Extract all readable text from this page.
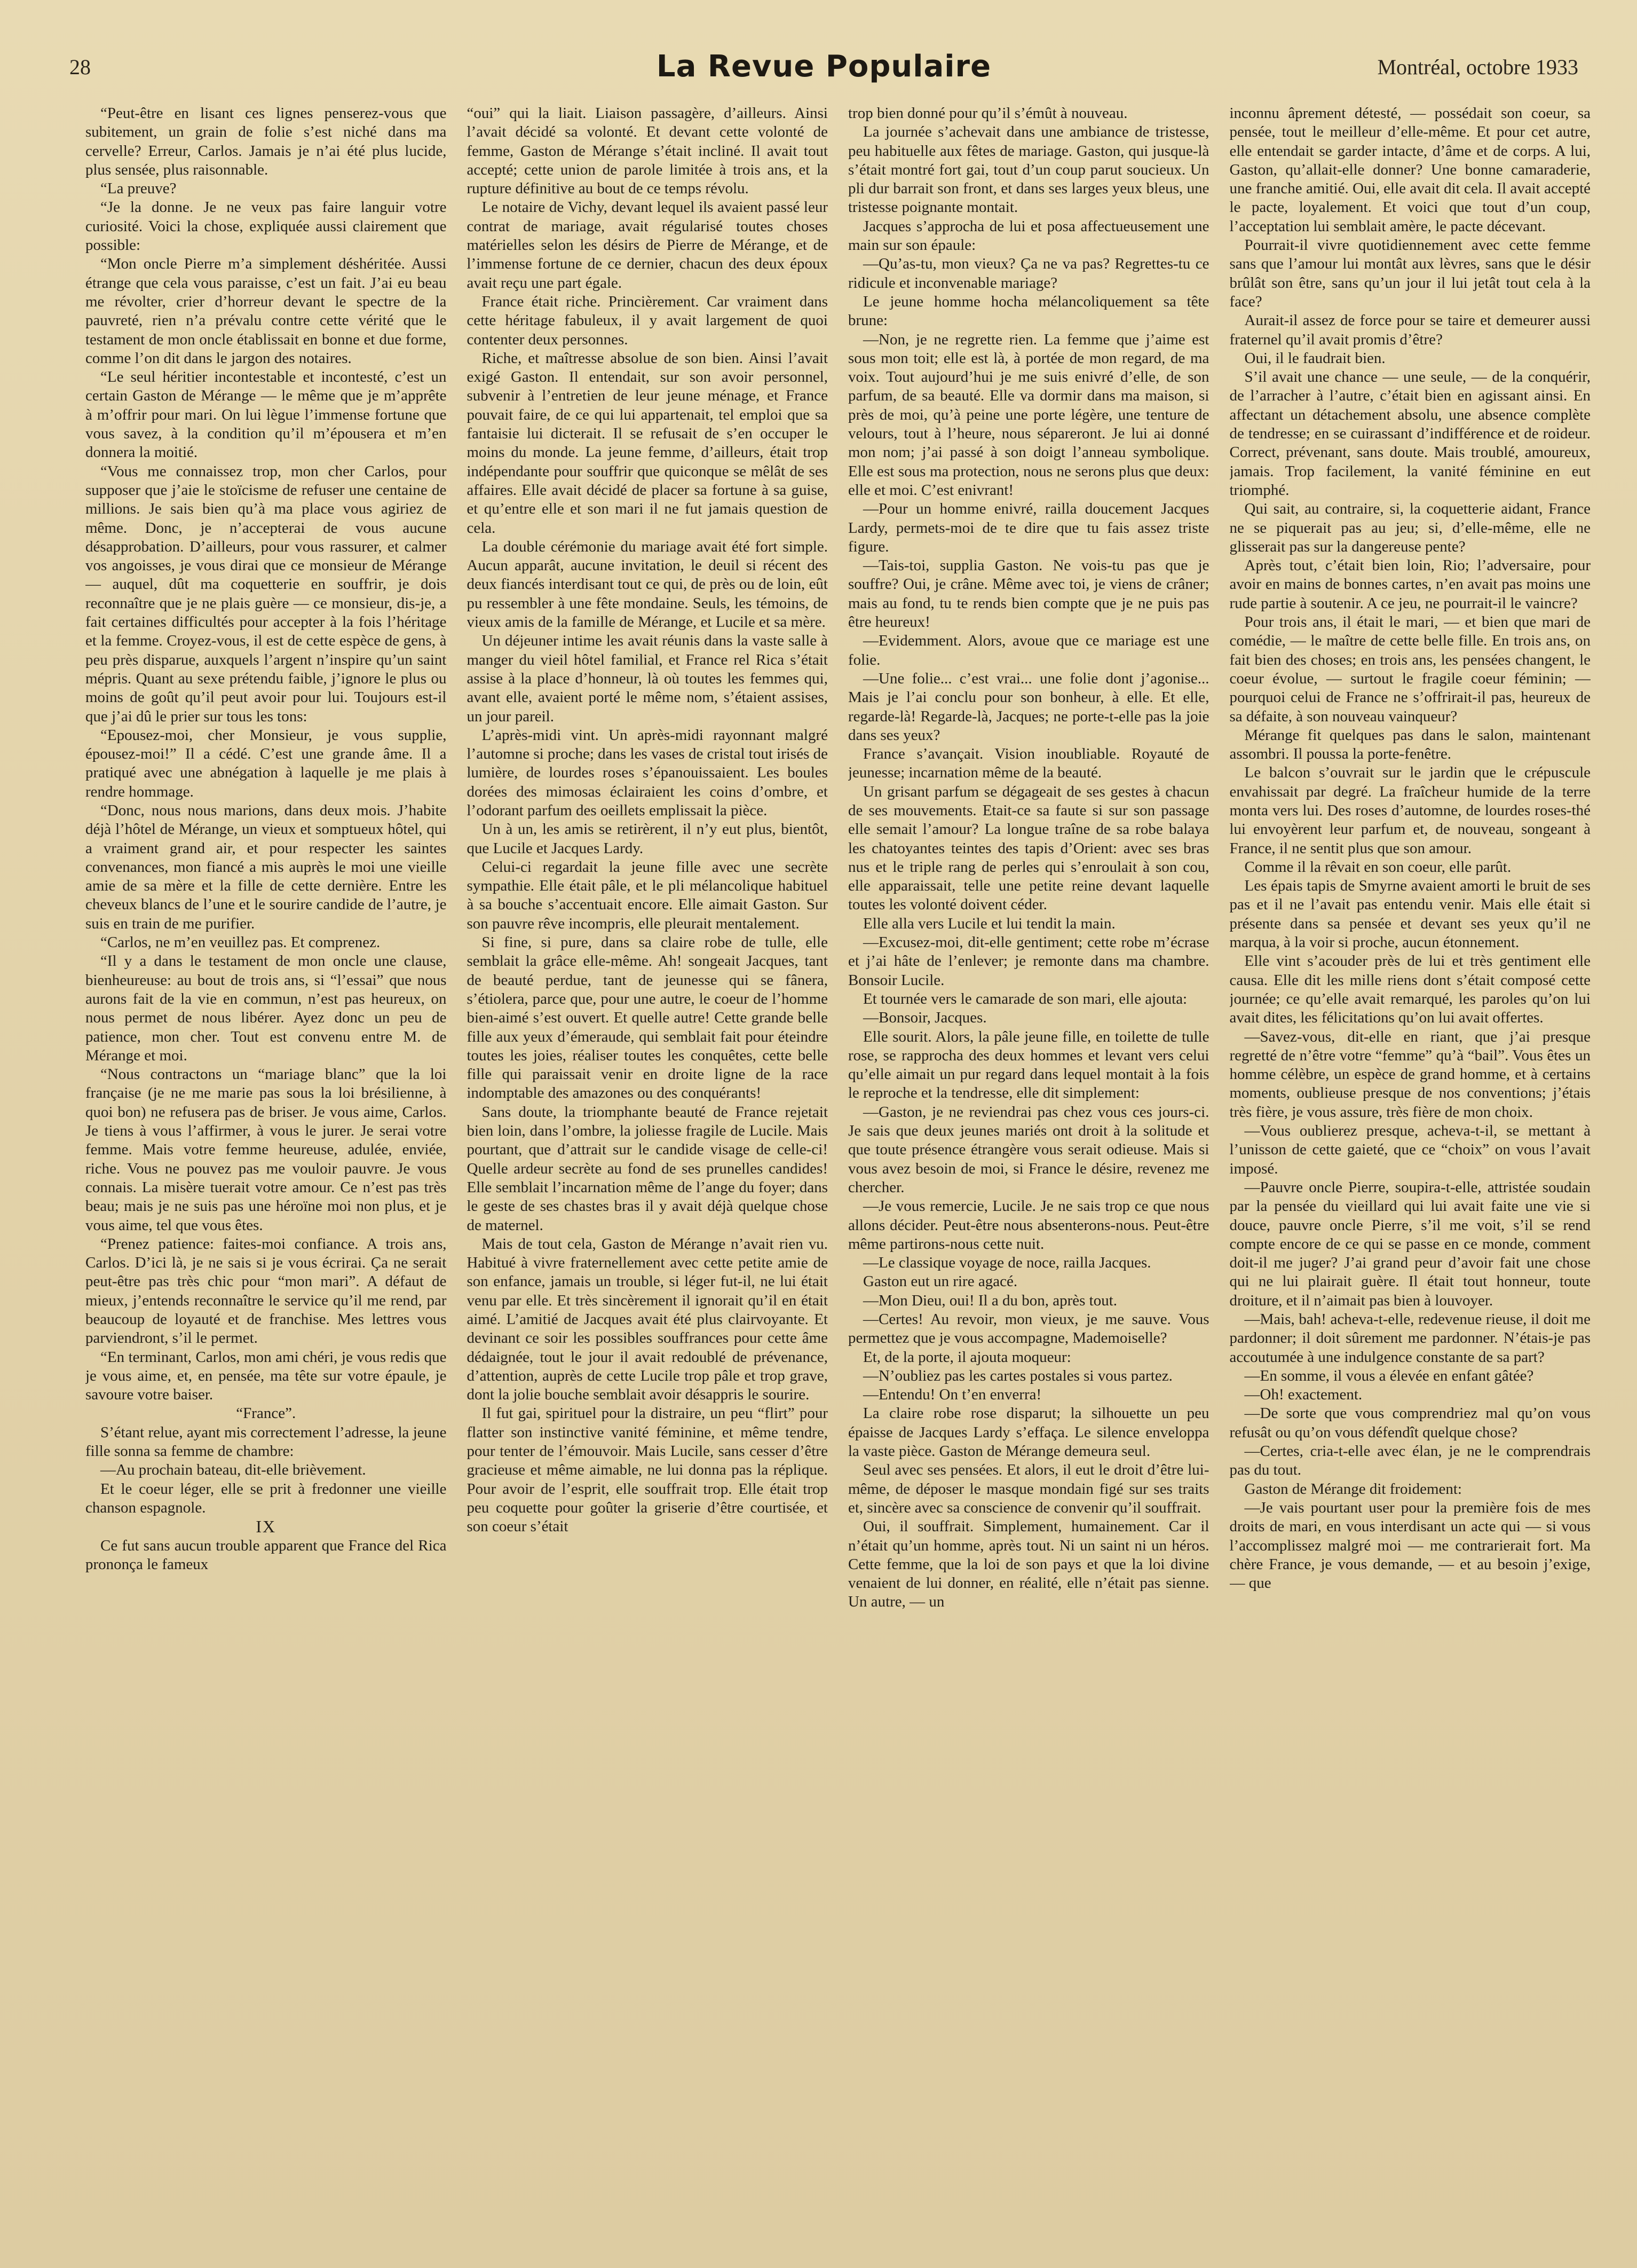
28	La Revue Populaire	Montréal, octobre 1933

“Peut-être en lisant ces lignes penserez-vous que subitement, un grain de folie s’est niché dans ma cervelle? Erreur, Carlos. Jamais je n’ai été plus lucide, plus sensée, plus raisonnable.

“La preuve?

“Je la donne. Je ne veux pas faire languir votre curiosité. Voici la chose, expliquée aussi clairement que possible:

“Mon oncle Pierre m’a simplement déshéritée. Aussi étrange que cela vous paraisse, c’est un fait. J’ai eu beau me révolter, crier d’horreur devant le spectre de la pauvreté, rien n’a prévalu contre cette vérité que le testament de mon oncle établissait en bonne et due forme, comme l’on dit dans le jargon des notaires.

“Le seul héritier incontestable et incontesté, c’est un certain Gaston de Mérange — le même que je m’apprête à m’offrir pour mari. On lui lègue l’immense fortune que vous savez, à la condition qu’il m’épousera et m’en donnera la moitié.

“Vous me connaissez trop, mon cher Carlos, pour supposer que j’aie le stoïcisme de refuser une centaine de millions. Je sais bien qu’à ma place vous agiriez de même. Donc, je n’accepterai de vous aucune désapprobation. D’ailleurs, pour vous rassurer, et calmer vos angoisses, je vous dirai que ce monsieur de Mérange — auquel, dût ma coquetterie en souffrir, je dois reconnaître que je ne plais guère — ce monsieur, dis-je, a fait certaines difficultés pour accepter à la fois l’héritage et la femme. Croyez-vous, il est de cette espèce de gens, à peu près disparue, auxquels l’argent n’inspire qu’un saint mépris. Quant au sexe prétendu faible, j’ignore le plus ou moins de goût qu’il peut avoir pour lui. Toujours est-il que j’ai dû le prier sur tous les tons:

“Epousez-moi, cher Monsieur, je vous supplie, épousez-moi!” Il a cédé. C’est une grande âme. Il a pratiqué avec une abnégation à laquelle je me plais à rendre hommage.

“Donc, nous nous marions, dans deux mois. J’habite déjà l’hôtel de Mérange, un vieux et somptueux hôtel, qui a vraiment grand air, et pour respecter les saintes convenances, mon fiancé a mis auprès le moi une vieille amie de sa mère et la fille de cette dernière. Entre les cheveux blancs de l’une et le sourire candide de l’autre, je suis en train de me purifier.

“Carlos, ne m’en veuillez pas. Et comprenez.

“Il y a dans le testament de mon oncle une clause, bienheureuse: au bout de trois ans, si “l’essai” que nous aurons fait de la vie en commun, n’est pas heureux, on nous permet de nous libérer. Ayez donc un peu de patience, mon cher. Tout est convenu entre M. de Mérange et moi.

“Nous contractons un “mariage blanc” que la loi française (je ne me marie pas sous la loi brésilienne, à quoi bon) ne refusera pas de briser. Je vous aime, Carlos. Je tiens à vous l’affirmer, à vous le jurer. Je serai votre femme. Mais votre femme heureuse, adulée, enviée, riche. Vous ne pouvez pas me vouloir pauvre. Je vous connais. La misère tuerait votre amour. Ce n’est pas très beau; mais je ne suis pas une héroïne moi non plus, et je vous aime, tel que vous êtes.

“Prenez patience: faites-moi confiance. A trois ans, Carlos. D’ici là, je ne sais si je vous écrirai. Ça ne serait peut-être pas très chic pour “mon mari”. A défaut de mieux, j’entends reconnaître le service qu’il me rend, par beaucoup de loyauté et de franchise. Mes lettres vous parviendront, s’il le permet.

“En terminant, Carlos, mon ami chéri, je vous redis que je vous aime, et, en pensée, ma tête sur votre épaule, je savoure votre baiser.

“France”.

S’étant relue, ayant mis correctement l’adresse, la jeune fille sonna sa femme de chambre:

—Au prochain bateau, dit-elle brièvement.

Et le coeur léger, elle se prit à fredonner une vieille chanson espagnole.

IX

Ce fut sans aucun trouble apparent que France del Rica prononça le fameux

“oui” qui la liait. Liaison passagère, d’ailleurs. Ainsi l’avait décidé sa volonté. Et devant cette volonté de femme, Gaston de Mérange s’était incliné. Il avait tout accepté; cette union de parole limitée à trois ans, et la rupture définitive au bout de ce temps révolu.

Le notaire de Vichy, devant lequel ils avaient passé leur contrat de mariage, avait régularisé toutes choses matérielles selon les désirs de Pierre de Mérange, et de l’immense fortune de ce dernier, chacun des deux époux avait reçu une part égale.

France était riche. Princièrement. Car vraiment dans cette héritage fabuleux, il y avait largement de quoi contenter deux personnes.

Riche, et maîtresse absolue de son bien. Ainsi l’avait exigé Gaston. Il entendait, sur son avoir personnel, subvenir à l’entretien de leur jeune ménage, et France pouvait faire, de ce qui lui appartenait, tel emploi que sa fantaisie lui dicterait. Il se refusait de s’en occuper le moins du monde. La jeune femme, d’ailleurs, était trop indépendante pour souffrir que quiconque se mêlât de ses affaires. Elle avait décidé de placer sa fortune à sa guise, et qu’entre elle et son mari il ne fut jamais question de cela.

La double cérémonie du mariage avait été fort simple. Aucun apparât, aucune invitation, le deuil si récent des deux fiancés interdisant tout ce qui, de près ou de loin, eût pu ressembler à une fête mondaine. Seuls, les témoins, de vieux amis de la famille de Mérange, et Lucile et sa mère.

Un déjeuner intime les avait réunis dans la vaste salle à manger du vieil hôtel familial, et France rel Rica s’était assise à la place d’honneur, là où toutes les femmes qui, avant elle, avaient porté le même nom, s’étaient assises, un jour pareil.

L’après-midi vint. Un après-midi rayonnant malgré l’automne si proche; dans les vases de cristal tout irisés de lumière, de lourdes roses s’épanouissaient. Les boules dorées des mimosas éclairaient les coins d’ombre, et l’odorant parfum des oeillets emplissait la pièce.

Un à un, les amis se retirèrent, il n’y eut plus, bientôt, que Lucile et Jacques Lardy.

Celui-ci regardait la jeune fille avec une secrète sympathie. Elle était pâle, et le pli mélancolique habituel à sa bouche s’accentuait encore. Elle aimait Gaston. Sur son pauvre rêve incompris, elle pleurait mentalement.

Si fine, si pure, dans sa claire robe de tulle, elle semblait la grâce elle-même. Ah! songeait Jacques, tant de beauté perdue, tant de jeunesse qui se fânera, s’étiolera, parce que, pour une autre, le coeur de l’homme bien-aimé s’est ouvert. Et quelle autre! Cette grande belle fille aux yeux d’émeraude, qui semblait fait pour éteindre toutes les joies, réaliser toutes les conquêtes, cette belle fille qui paraissait venir en droite ligne de la race indomptable des amazones ou des conquérants!

Sans doute, la triomphante beauté de France rejetait bien loin, dans l’ombre, la joliesse fragile de Lucile. Mais pourtant, que d’attrait sur le candide visage de celle-ci! Quelle ardeur secrète au fond de ses prunelles candides! Elle semblait l’incarnation même de l’ange du foyer; dans le geste de ses chastes bras il y avait déjà quelque chose de maternel.

Mais de tout cela, Gaston de Mérange n’avait rien vu. Habitué à vivre fraternellement avec cette petite amie de son enfance, jamais un trouble, si léger fut-il, ne lui était venu par elle. Et très sincèrement il ignorait qu’il en était aimé. L’amitié de Jacques avait été plus clairvoyante. Et devinant ce soir les possibles souffrances pour cette âme dédaignée, tout le jour il avait redoublé de prévenance, d’attention, auprès de cette Lucile trop pâle et trop grave, dont la jolie bouche semblait avoir désappris le sourire.

Il fut gai, spirituel pour la distraire, un peu “flirt” pour flatter son instinctive vanité féminine, et même tendre, pour tenter de l’émouvoir. Mais Lucile, sans cesser d’être gracieuse et même aimable, ne lui donna pas la réplique. Pour avoir de l’esprit, elle souffrait trop. Elle était trop peu coquette pour goûter la griserie d’être courtisée, et son coeur s’était

trop bien donné pour qu’il s’émût à nouveau.

La journée s’achevait dans une ambiance de tristesse, peu habituelle aux fêtes de mariage. Gaston, qui jusque-là s’était montré fort gai, tout d’un coup parut soucieux. Un pli dur barrait son front, et dans ses larges yeux bleus, une tristesse poignante montait.

Jacques s’approcha de lui et posa affectueusement une main sur son épaule:

—Qu’as-tu, mon vieux? Ça ne va pas? Regrettes-tu ce ridicule et inconvenable mariage?

Le jeune homme hocha mélancoliquement sa tête brune:

—Non, je ne regrette rien. La femme que j’aime est sous mon toit; elle est là, à portée de mon regard, de ma voix. Tout aujourd’hui je me suis enivré d’elle, de son parfum, de sa beauté. Elle va dormir dans ma maison, si près de moi, qu’à peine une porte légère, une tenture de velours, tout à l’heure, nous sépareront. Je lui ai donné mon nom; j’ai passé à son doigt l’anneau symbolique. Elle est sous ma protection, nous ne serons plus que deux: elle et moi. C’est enivrant!

—Pour un homme enivré, railla doucement Jacques Lardy, permets-moi de te dire que tu fais assez triste figure.

—Tais-toi, supplia Gaston. Ne vois-tu pas que je souffre? Oui, je crâne. Même avec toi, je viens de crâner; mais au fond, tu te rends bien compte que je ne puis pas être heureux!

—Evidemment. Alors, avoue que ce mariage est une folie.

—Une folie... c’est vrai... une folie dont j’agonise... Mais je l’ai conclu pour son bonheur, à elle. Et elle, regarde-là! Regarde-là, Jacques; ne porte-t-elle pas la joie dans ses yeux?

France s’avançait. Vision inoubliable. Royauté de jeunesse; incarnation même de la beauté.

Un grisant parfum se dégageait de ses gestes à chacun de ses mouvements. Etait-ce sa faute si sur son passage elle semait l’amour? La longue traîne de sa robe balaya les chatoyantes teintes des tapis d’Orient: avec ses bras nus et le triple rang de perles qui s’enroulait à son cou, elle apparaissait, telle une petite reine devant laquelle toutes les volonté doivent céder.

Elle alla vers Lucile et lui tendit la main.

—Excusez-moi, dit-elle gentiment; cette robe m’écrase et j’ai hâte de l’enlever; je remonte dans ma chambre. Bonsoir Lucile.

Et tournée vers le camarade de son mari, elle ajouta:

—Bonsoir, Jacques.

Elle sourit. Alors, la pâle jeune fille, en toilette de tulle rose, se rapprocha des deux hommes et levant vers celui qu’elle aimait un pur regard dans lequel montait à la fois le reproche et la tendresse, elle dit simplement:

—Gaston, je ne reviendrai pas chez vous ces jours-ci. Je sais que deux jeunes mariés ont droit à la solitude et que toute présence étrangère vous serait odieuse. Mais si vous avez besoin de moi, si France le désire, revenez me chercher.

—Je vous remercie, Lucile. Je ne sais trop ce que nous allons décider. Peut-être nous absenterons-nous. Peut-être même partirons-nous cette nuit.

—Le classique voyage de noce, railla Jacques.

Gaston eut un rire agacé.

—Mon Dieu, oui! Il a du bon, après tout.

—Certes! Au revoir, mon vieux, je me sauve. Vous permettez que je vous accompagne, Mademoiselle?

Et, de la porte, il ajouta moqueur:

—N’oubliez pas les cartes postales si vous partez.

—Entendu! On t’en enverra!

La claire robe rose disparut; la silhouette un peu épaisse de Jacques Lardy s’effaça. Le silence enveloppa la vaste pièce. Gaston de Mérange demeura seul.

Seul avec ses pensées. Et alors, il eut le droit d’être lui-même, de déposer le masque mondain figé sur ses traits et, sincère avec sa conscience de convenir qu’il souffrait.

Oui, il souffrait. Simplement, humainement. Car il n’était qu’un homme, après tout. Ni un saint ni un héros. Cette femme, que la loi de son pays et que la loi divine venaient de lui donner, en réalité, elle n’était pas sienne. Un autre, — un

inconnu âprement détesté, — possédait son coeur, sa pensée, tout le meilleur d’elle-même. Et pour cet autre, elle entendait se garder intacte, d’âme et de corps. A lui, Gaston, qu’allait-elle donner? Une bonne camaraderie, une franche amitié. Oui, elle avait dit cela. Il avait accepté le pacte, loyalement. Et voici que tout d’un coup, l’acceptation lui semblait amère, le pacte décevant.

Pourrait-il vivre quotidiennement avec cette femme sans que l’amour lui montât aux lèvres, sans que le désir brûlât son être, sans qu’un jour il lui jetât tout cela à la face?

Aurait-il assez de force pour se taire et demeurer aussi fraternel qu’il avait promis d’être?

Oui, il le faudrait bien.

S’il avait une chance — une seule, — de la conquérir, de l’arracher à l’autre, c’était bien en agissant ainsi. En affectant un détachement absolu, une absence complète de tendresse; en se cuirassant d’indifférence et de roideur. Correct, prévenant, sans doute. Mais troublé, amoureux, jamais. Trop facilement, la vanité féminine en eut triomphé.

Qui sait, au contraire, si, la coquetterie aidant, France ne se piquerait pas au jeu; si, d’elle-même, elle ne glisserait pas sur la dangereuse pente?

Après tout, c’était bien loin, Rio; l’adversaire, pour avoir en mains de bonnes cartes, n’en avait pas moins une rude partie à soutenir. A ce jeu, ne pourrait-il le vaincre?

Pour trois ans, il était le mari, — et bien que mari de comédie, — le maître de cette belle fille. En trois ans, on fait bien des choses; en trois ans, les pensées changent, le coeur évolue, — surtout le fragile coeur féminin; — pourquoi celui de France ne s’offrirait-il pas, heureux de sa défaite, à son nouveau vainqueur?

Mérange fit quelques pas dans le salon, maintenant assombri. Il poussa la porte-fenêtre.

Le balcon s’ouvrait sur le jardin que le crépuscule envahissait par degré. La fraîcheur humide de la terre monta vers lui. Des roses d’automne, de lourdes roses-thé lui envoyèrent leur parfum et, de nouveau, songeant à France, il ne sentit plus que son amour.

Comme il la rêvait en son coeur, elle parût.

Les épais tapis de Smyrne avaient amorti le bruit de ses pas et il ne l’avait pas entendu venir. Mais elle était si présente dans sa pensée et devant ses yeux qu’il ne marqua, à la voir si proche, aucun étonnement.

Elle vint s’acouder près de lui et très gentiment elle causa. Elle dit les mille riens dont s’était composé cette journée; ce qu’elle avait remarqué, les paroles qu’on lui avait dites, les félicitations qu’on lui avait offertes.

—Savez-vous, dit-elle en riant, que j’ai presque regretté de n’être votre “femme” qu’à “bail”. Vous êtes un homme célèbre, un espèce de grand homme, et à certains moments, oublieuse presque de nos conventions; j’étais très fière, je vous assure, très fière de mon choix.

—Vous oublierez presque, acheva-t-il, se mettant à l’unisson de cette gaieté, que ce “choix” on vous l’avait imposé.

—Pauvre oncle Pierre, soupira-t-elle, attristée soudain par la pensée du vieillard qui lui avait faite une vie si douce, pauvre oncle Pierre, s’il me voit, s’il se rend compte encore de ce qui se passe en ce monde, comment doit-il me juger? J’ai grand peur d’avoir fait une chose qui ne lui plairait guère. Il était tout honneur, toute droiture, et il n’aimait pas bien à louvoyer.

—Mais, bah! acheva-t-elle, redevenue rieuse, il doit me pardonner; il doit sûrement me pardonner. N’étais-je pas accoutumée à une indulgence constante de sa part?

—En somme, il vous a élevée en enfant gâtée?

—Oh! exactement.

—De sorte que vous comprendriez mal qu’on vous refusât ou qu’on vous défendît quelque chose?

—Certes, cria-t-elle avec élan, je ne le comprendrais pas du tout.

Gaston de Mérange dit froidement:

—Je vais pourtant user pour la première fois de mes droits de mari, en vous interdisant un acte qui — si vous l’accomplissez malgré moi — me contrarierait fort. Ma chère France, je vous demande, — et au besoin j’exige, — que
